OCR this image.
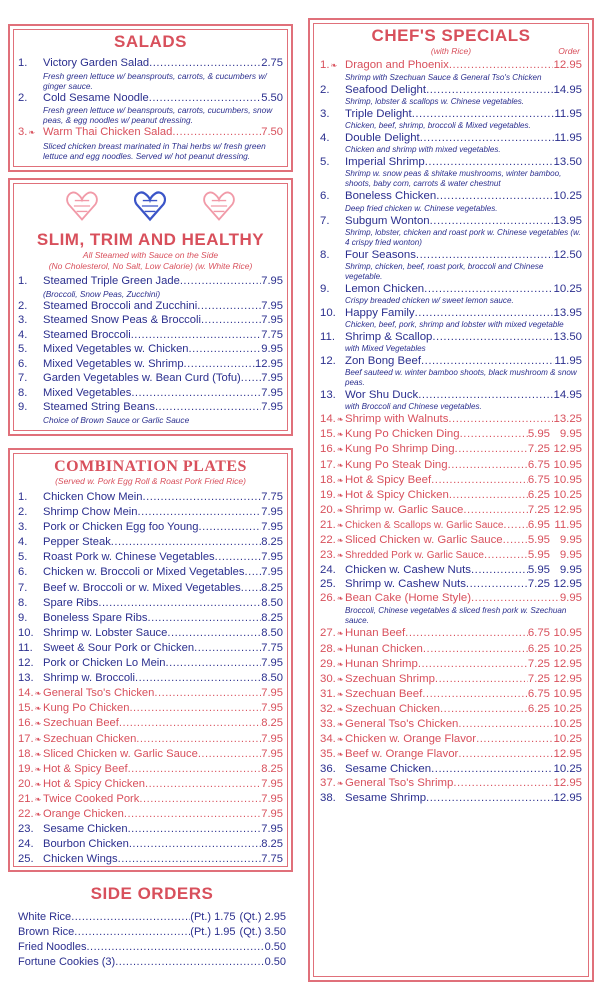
SALADS
1.	Victory Garden Salad .....	2.75
Fresh green lettuce w/ beansprouts, carrots, & cucumbers w/ ginger sauce.
2.	Cold Sesame Noodle .....	5.50
Fresh green lettuce w/ beansprouts, carrots, cucumbers, snow peas, & egg noodles w/ peanut dressing.
3.❧ Warm Thai Chicken Salad .....	7.50
Sliced chicken breast marinated in Thai herbs w/ fresh green lettuce and egg noodles. Served w/ hot peanut dressing.
SLIM, TRIM AND HEALTHY
All Steamed with Sauce on the Side
(No Cholesterol, No Salt, Low Calorie) (w. White Rice)
1.	Steamed Triple Green Jade .....	7.95
(Broccoli, Snow Peas, Zucchini)
2.	Steamed Broccoli and Zucchini .....	7.95
3.	Steamed Snow Peas & Broccoli .....	7.95
4.	Steamed Broccoli .....	7.75
5.	Mixed Vegetables w. Chicken .....	9.95
6.	Mixed Vegetables w. Shrimp .....	12.95
7.	Garden Vegetables w. Bean Curd (Tofu) ..... 7.95
8.	Mixed Vegetables .....	7.95
9.	Steamed String Beans .....	7.95
Choice of Brown Sauce or Garlic Sauce
COMBINATION PLATES
(Served w. Pork Egg Roll & Roast Pork Fried Rice)
1.	Chicken Chow Mein .....	7.75
2.	Shrimp Chow Mein .....	7.95
3.	Pork or Chicken Egg foo Young .....	7.95
4.	Pepper Steak .....	8.25
5.	Roast Pork w. Chinese Vegetables .....	7.95
6.	Chicken w. Broccoli or Mixed Vegetables ..... 7.95
7.	Beef w. Broccoli or w. Mixed Vegetables ..... 8.25
8.	Spare Ribs .....	8.50
9.	Boneless Spare Ribs .....	8.25
10. Shrimp w. Lobster Sauce .....	8.50
11. Sweet & Sour Pork or Chicken .....	7.75
12. Pork or Chicken Lo Mein .....	7.95
13. Shrimp w. Broccoli .....	8.50
14.❧ General Tso's Chicken .....	7.95
15.❧ Kung Po Chicken .....	7.95
16.❧ Szechuan Beef .....	8.25
17.❧ Szechuan Chicken .....	7.95
18.❧ Sliced Chicken w. Garlic Sauce .....	7.95
19.❧ Hot & Spicy Beef .....	8.25
20.❧ Hot & Spicy Chicken .....	7.95
21.❧ Twice Cooked Pork .....	7.95
22.❧ Orange Chicken .....	7.95
23. Sesame Chicken .....	7.95
24. Bourbon Chicken .....	8.25
25. Chicken Wings .....	7.75
SIDE ORDERS
White Rice .....	(Pt.) 1.75 (Qt.) 2.95
Brown Rice .....	(Pt.) 1.95 (Qt.) 3.50
Fried Noodles .....	0.50
Fortune Cookies (3) .....	0.50
CHEF'S SPECIALS
(with Rice)	Order
1.❧ Dragon and Phoenix .....	12.95
Shrimp with Szechuan Sauce & General Tso's Chicken
2.	Seafood Delight .....	14.95
Shrimp, lobster & scallops w. Chinese vegetables.
3.	Triple Delight .....	11.95
Chicken, beef, shrimp, broccoli & Mixed vegetables.
4.	Double Delight .....	11.95
Chicken and shrimp with mixed vegetables.
5.	Imperial Shrimp .....	13.50
Shrimp w. snow peas & shitake mushrooms, winter bamboo, shoots, baby corn, carrots & water chestnut
6.	Boneless Chicken .....	10.25
Deep fried chicken w. Chinese vegetables.
7.	Subgum Wonton .....	13.95
Shrimp, lobster, chicken and roast pork w. Chinese vegetables (w. 4 crispy fried wonton)
8.	Four Seasons .....	12.50
Shrimp, chicken, beef, roast pork, broccoli and Chinese vegetable.
9.	Lemon Chicken .....	10.25
Crispy breaded chicken w/ sweet lemon sauce.
10. Happy Family .....	13.95
Chicken, beef, pork, shrimp and lobster with mixed vegetable
11. Shrimp & Scallop .....	13.50
with Mixed Vegetables
12. Zon Bong Beef .....	11.95
Beef sauteed w. winter bamboo shoots, black mushroom & snow peas.
13. Wor Shu Duck .....	14.95
with Broccoli and Chinese vegetables.
14.❧ Shrimp with Walnuts .....	13.25
15.❧ Kung Po Chicken Ding .....	5.95 9.95
16.❧ Kung Po Shrimp Ding .....	7.25 12.95
17.❧ Kung Po Steak Ding .....	6.75 10.95
18.❧ Hot & Spicy Beef .....	6.75 10.95
19.❧ Hot & Spicy Chicken .....	6.25 10.25
20.❧ Shrimp w. Garlic Sauce .....	7.25 12.95
21.❧ Chicken & Scallops w. Garlic Sauce ..... 6.95 11.95
22.❧ Sliced Chicken w. Garlic Sauce ..... 5.95 9.95
23.❧ Shredded Pork w. Garlic Sauce .....	5.95 9.95
24. Chicken w. Cashew Nuts .....	5.95 9.95
25. Shrimp w. Cashew Nuts .....	7.25 12.95
26.❧ Bean Cake (Home Style) .....	9.95
Broccoli, Chinese vegetables & sliced fresh pork w. Szechuan sauce.
27.❧ Hunan Beef .....	6.75 10.95
28.❧ Hunan Chicken .....	6.25 10.25
29.❧ Hunan Shrimp .....	7.25 12.95
30.❧ Szechuan Shrimp .....	7.25 12.95
31.❧ Szechuan Beef .....	6.75 10.95
32.❧ Szechuan Chicken .....	6.25 10.25
33.❧ General Tso's Chicken .....	10.25
34.❧ Chicken w. Orange Flavor .....	10.25
35.❧ Beef w. Orange Flavor .....	12.95
36. Sesame Chicken .....	10.25
37.❧ General Tso's Shrimp .....	12.95
38. Sesame Shrimp .....	12.95
